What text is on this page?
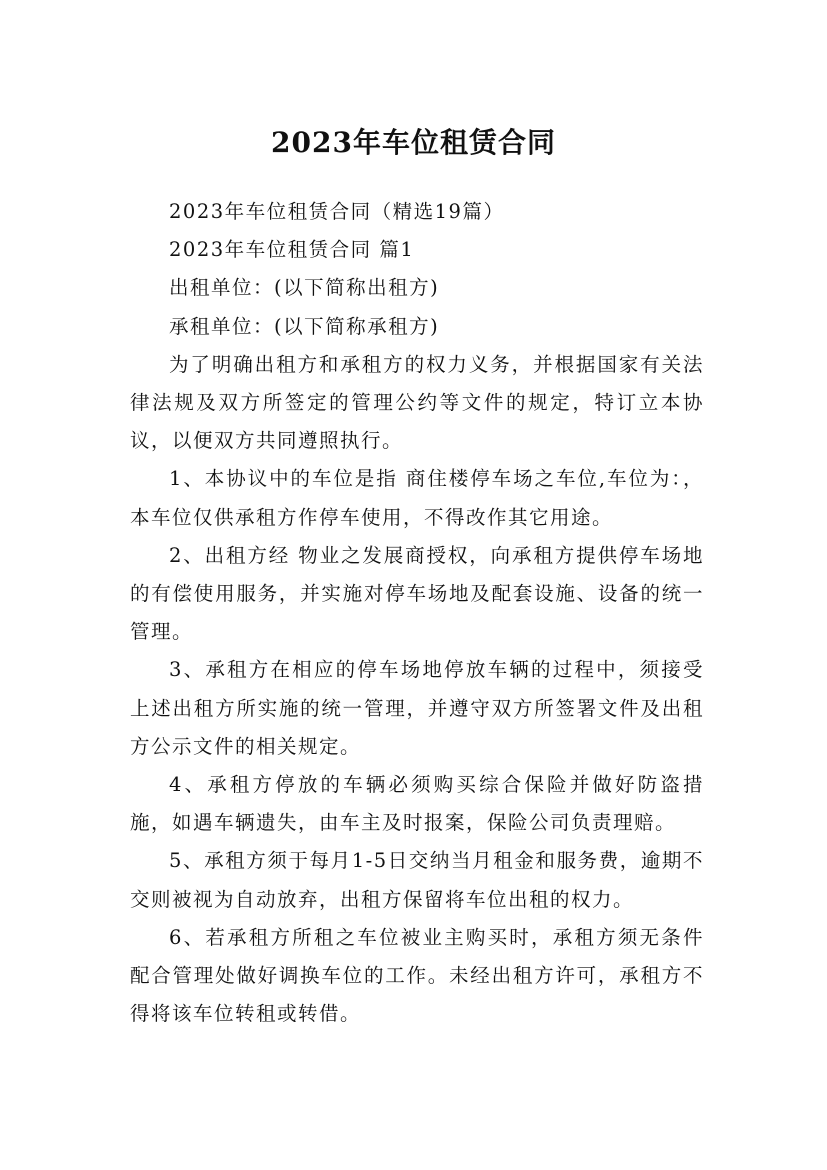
2023年车位租赁合同

2023年车位租赁合同（精选19篇）

2023年车位租赁合同 篇1

出租单位：(以下简称出租方)

承租单位：(以下简称承租方)

为了明确出租方和承租方的权力义务，并根据国家有关法律法规及双方所签定的管理公约等文件的规定，特订立本协议，以便双方共同遵照执行。

1、本协议中的车位是指 商住楼停车场之车位,车位为：，本车位仅供承租方作停车使用，不得改作其它用途。

2、出租方经 物业之发展商授权，向承租方提供停车场地的有偿使用服务，并实施对停车场地及配套设施、设备的统一管理。

3、承租方在相应的停车场地停放车辆的过程中，须接受上述出租方所实施的统一管理，并遵守双方所签署文件及出租方公示文件的相关规定。

4、承租方停放的车辆必须购买综合保险并做好防盗措施，如遇车辆遗失，由车主及时报案，保险公司负责理赔。

5、承租方须于每月1-5日交纳当月租金和服务费，逾期不交则被视为自动放弃，出租方保留将车位出租的权力。

6、若承租方所租之车位被业主购买时，承租方须无条件配合管理处做好调换车位的工作。未经出租方许可，承租方不得将该车位转租或转借。
